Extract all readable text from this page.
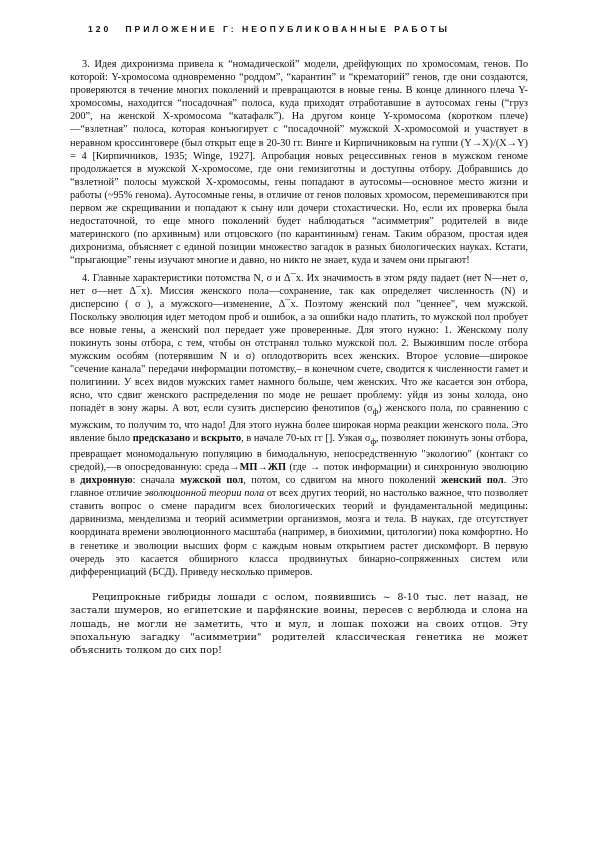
120 ПРИЛОЖЕНИЕ Г: НЕОПУБЛИКОВАННЫЕ РАБОТЫ

3. Идея дихронизма привела к “номадической” модели, дрейфующих по хромосомам, генов. По которой: Y-хромосома одновременно “роддом”, “карантин” и “крематорий” генов, где они создаются, проверяются в течение многих поколений и превращаются в новые гены. В конце длинного плеча Y-хромосомы, находится “посадочная” полоса, куда приходят отработавшие в аутосомах гены (“груз 200”, на женской X-хромосома “катафалк”). На другом конце Y-хромосома (коротком плече)—“взлетная” полоса, которая конъюгирует с “посадочной” мужской X-хромосомой и участвует в неравном кроссинговере (был открыт еще в 20-30 гг. Винге и Кирпичниковым на гуппи (Y→X)/(X→Y) = 4 [Кирпичников, 1935; Winge, 1927]. Апробация новых рецессивных генов в мужском геноме продолжается в мужской X-хромосоме, где они гемизиготны и доступны отбору. Добравшись до “взлетной” полосы мужской X-хромосомы, гены попадают в аутосомы—основное место жизни и работы (~95% генома). Аутосомные гены, в отличие от генов половых хромосом, перемешиваются при первом же скрещивании и попадают к сыну или дочери стохастически. Но, если их проверка была недостаточной, то еще много поколений будет наблюдаться “асимметрия” родителей в виде материнского (по архивным) или отцовского (по карантинным) генам. Таким образом, простая идея дихронизма, объясняет с единой позиции множество загадок в разных биологических науках. Кстати, “прыгающие” гены изучают многие и давно, но никто не знает, куда и зачем они прыгают!

4. Главные характеристики потомства N, σ и Δ¯x. Их значимость в этом ряду падает (нет N—нет σ, нет σ—нет Δ¯x). Миссия женского пола—сохранение, так как определяет численность (N) и дисперсию ( σ ), а мужского—изменение, Δ¯x. Поэтому женский пол "ценнее", чем мужской. Поскольку эволюция идет методом проб и ошибок, а за ошибки надо платить, то мужской пол пробует все новые гены, а женский пол передает уже проверенные. Для этого нужно: 1. Женскому полу покинуть зоны отбора, с тем, чтобы он отстранял только мужской пол. 2. Выжившим после отбора мужским особям (потерявшим N и σ) оплодотворить всех женских. Второе условие—широкое "сечение канала" передачи информации потомству,– в конечном счете, сводится к численности гамет и полигинии. У всех видов мужских гамет намного больше, чем женских. Что же касается зон отбора, ясно, что сдвиг женского распределения по моде не решает проблему: уйдя из зоны холода, оно попадёт в зону жары. А вот, если сузить дисперсию фенотипов $(\sigma_ф)$ женского пола, по сравнению с мужским, то получим то, что надо! Для этого нужна более широкая норма реакции женского пола. Это явление было предсказано и вскрыто, в начале 70-ых гг []. Узкая $\sigma_ф$, позволяет покинуть зоны отбора, превращает мономодальную популяцию в бимодальную, непосредственную "экологию" (контакт со средой),—в опосредованную: среда→МП→ЖП (где → поток информации) и синхронную эволюцию в дихронную: сначала мужской пол, потом, со сдвигом на много поколений женский пол. Это главное отличие эволюционной теории пола от всех других теорий, но настолько важное, что позволяет ставить вопрос о смене парадигм всех биологических теорий и фундаментальной медицины: дарвинизма, менделизма и теорий асимметрии организмов, мозга и тела. В науках, где отсутствует координата времени эволюционного масштаба (например, в биохимии, цитологии) пока комфортно. Но в генетике и эволюции высших форм с каждым новым открытием растет дискомфорт. В первую очередь это касается обширного класса продвинутых бинарно-сопряженных систем или дифференциаций (БСД). Приведу несколько примеров.

Реципрокные гибриды лошади с ослом, появившись ~ 8-10 тыс. лет назад, не застали шумеров, но египетские и парфянские воины, пересев с верблюда и слона на лошадь, не могли не заметить, что и мул, и лошак похожи на своих отцов. Эту эпохальную загадку "асимметрии" родителей классическая генетика не может объяснить толком до сих пор!
